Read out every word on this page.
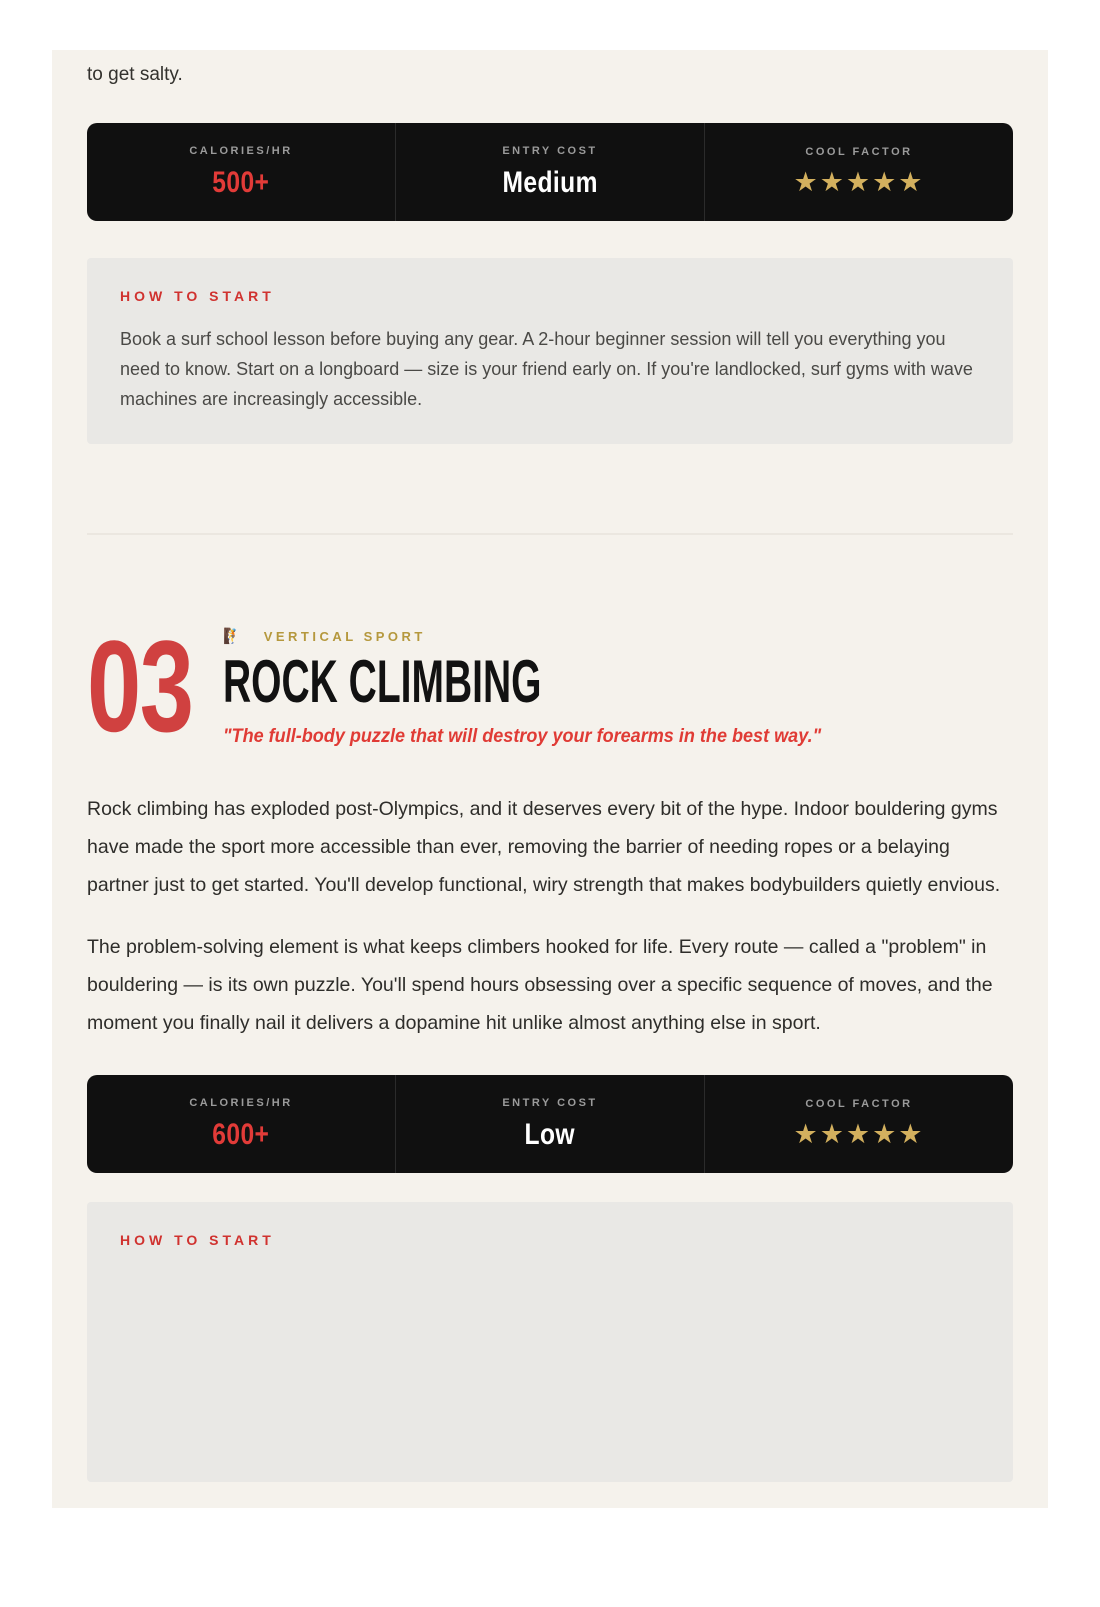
to get salty.

CALORIES/HR
500+
ENTRY COST
Medium
COOL FACTOR
★★★★★
HOW TO START

Book a surf school lesson before buying any gear. A 2-hour beginner session will tell you everything you need to know. Start on a longboard — size is your friend early on. If you're landlocked, surf gyms with wave machines are increasingly accessible.

03 🧗 VERTICAL SPORT
ROCK CLIMBING
"The full-body puzzle that will destroy your forearms in the best way."

Rock climbing has exploded post-Olympics, and it deserves every bit of the hype. Indoor bouldering gyms have made the sport more accessible than ever, removing the barrier of needing ropes or a belaying partner just to get started. You'll develop functional, wiry strength that makes bodybuilders quietly envious.

The problem-solving element is what keeps climbers hooked for life. Every route — called a "problem" in bouldering — is its own puzzle. You'll spend hours obsessing over a specific sequence of moves, and the moment you finally nail it delivers a dopamine hit unlike almost anything else in sport.

CALORIES/HR
600+
ENTRY COST
Low
COOL FACTOR
★★★★★
HOW TO START
